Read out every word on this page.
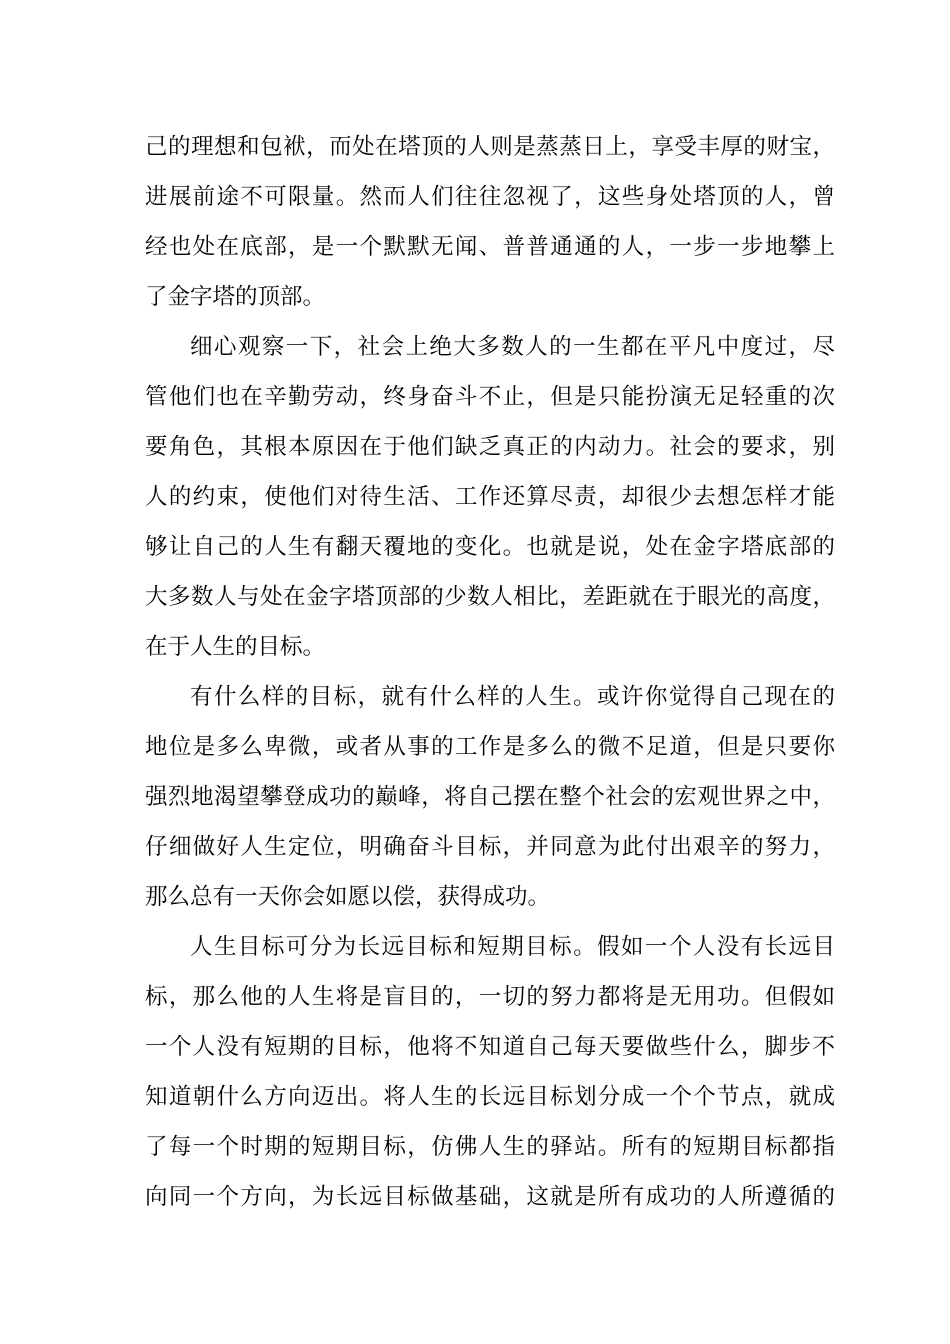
己的理想和包袱，而处在塔顶的人则是蒸蒸日上，享受丰厚的财宝，
进展前途不可限量。然而人们往往忽视了，这些身处塔顶的人，曾
经也处在底部，是一个默默无闻、普普通通的人，一步一步地攀上
了金字塔的顶部。
细心观察一下，社会上绝大多数人的一生都在平凡中度过，尽
管他们也在辛勤劳动，终身奋斗不止，但是只能扮演无足轻重的次
要角色，其根本原因在于他们缺乏真正的内动力。社会的要求，别
人的约束，使他们对待生活、工作还算尽责，却很少去想怎样才能
够让自己的人生有翻天覆地的变化。也就是说，处在金字塔底部的
大多数人与处在金字塔顶部的少数人相比，差距就在于眼光的高度，
在于人生的目标。
有什么样的目标，就有什么样的人生。或许你觉得自己现在的
地位是多么卑微，或者从事的工作是多么的微不足道，但是只要你
强烈地渴望攀登成功的巅峰，将自己摆在整个社会的宏观世界之中，
仔细做好人生定位，明确奋斗目标，并同意为此付出艰辛的努力，
那么总有一天你会如愿以偿，获得成功。
人生目标可分为长远目标和短期目标。假如一个人没有长远目
标，那么他的人生将是盲目的，一切的努力都将是无用功。但假如
一个人没有短期的目标，他将不知道自己每天要做些什么，脚步不
知道朝什么方向迈出。将人生的长远目标划分成一个个节点，就成
了每一个时期的短期目标，仿佛人生的驿站。所有的短期目标都指
向同一个方向，为长远目标做基础，这就是所有成功的人所遵循的
